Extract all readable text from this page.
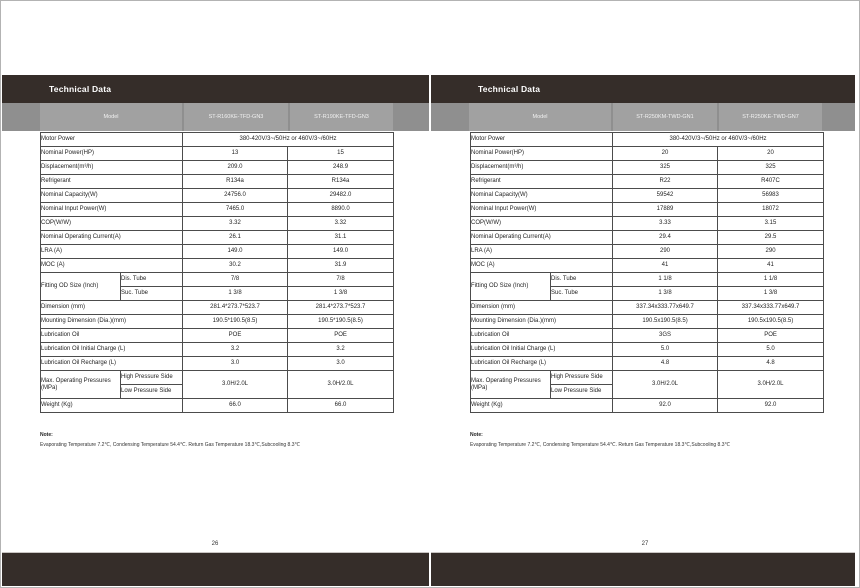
Technical Data
Model	ST-R160KE-TFD-GN3	ST-R190KE-TFD-GN3
Motor Power		380-420V/3~/50Hz or 460V/3~/60Hz	
Nominal Power(HP)		13	15
Displacement(m³/h)		209.0	248.9
Refrigerant		R134a	R134a
Nominal Capacity(W)		24756.0	29482.0
Nominal Input Power(W)		7465.0	8890.0
COP(W/W)		3.32	3.32
Nominal Operating Current(A)		26.1	31.1
LRA (A)		149.0	149.0
MOC (A)		30.2	31.9
Fitting OD Size (Inch)	Dis. Tube	7/8	7/8
	Suc. Tube	1 3/8	1 3/8
Dimension (mm)		281.4*273.7*523.7	281.4*273.7*523.7
Mounting Dimension (Dia.)(mm)		190.5*190.5(8.5)	190.5*190.5(8.5)
Lubrication Oil		POE	POE
Lubrication Oil Initial Charge (L)		3.2	3.2
Lubrication Oil Recharge (L)		3.0	3.0
Max. Operating Pressures (MPa)	High Pressure Side	3.0H/2.0L	3.0H/2.0L
	Low Pressure Side		
Weight (Kg)		66.0	66.0
Note:
Evaporating Temperature 7.2℃, Condensing Temperature 54.4℃. Return Gas Temperature 18.3℃,Subcooling 8.3℃
26
Technical Data
Model	ST-R250KM-TWD-GN1	ST-R250KE-TWD-GN7
Motor Power		380-420V/3~/50Hz or 460V/3~/60Hz	
Nominal Power(HP)		20	20
Displacement(m³/h)		325	325
Refrigerant		R22	R407C
Nominal Capacity(W)		59542	56983
Nominal Input Power(W)		17889	18072
COP(W/W)		3.33	3.15
Nominal Operating Current(A)		29.4	29.5
LRA (A)		290	290
MOC (A)		41	41
Fitting OD Size (Inch)	Dis. Tube	1 1/8	1 1/8
	Suc. Tube	1 3/8	1 3/8
Dimension (mm)		337.34x333.77x649.7	337.34x333.77x649.7
Mounting Dimension (Dia.)(mm)		190.5x190.5(8.5)	190.5x190.5(8.5)
Lubrication Oil		3GS	POE
Lubrication Oil Initial Charge (L)		5.0	5.0
Lubrication Oil Recharge (L)		4.8	4.8
Max. Operating Pressures (MPa)	High Pressure Side	3.0H/2.0L	3.0H/2.0L
	Low Pressure Side		
Weight (Kg)		92.0	92.0
Note:
Evaporating Temperature 7.2℃, Condensing Temperature 54.4℃. Return Gas Temperature 18.3℃,Subcooling 8.3℃
27
